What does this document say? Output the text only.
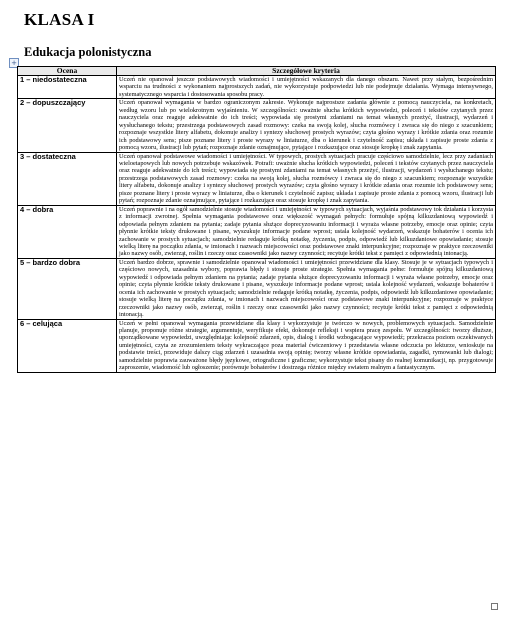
KLASA I
Edukacja polonistyczna
+
Ocena	Szczegółowe kryteria
1 – niedostateczna	Uczeń nie opanował jeszcze podstawowych wiadomości i umiejętności wskazanych dla danego obszaru. Nawet przy stałym, bezpośrednim wsparciu na trudności z wykonaniem najprostszych zadań, nie wykorzystuje podpowiedzi lub nie podejmuje działania. Wymaga intensywnego, systematycznego wsparcia i dostosowania sposobu pracy.
2 – dopuszczający	Uczeń opanował wymagania w bardzo ograniczonym zakresie. Wykonuje najprostsze zadania głównie z pomocą nauczyciela, na konkretach, według wzoru lub po wielokrotnym wyjaśnieniu. W szczególności: uważnie słucha krótkich wypowiedzi, poleceń i tekstów czytanych przez nauczyciela oraz reaguje adekwatnie do ich treści; wypowiada się prostymi zdaniami na temat własnych przeżyć, ilustracji, wydarzeń i wysłuchanego tekstu; przestrzega podstawowych zasad rozmowy: czeka na swoją kolej, słucha rozmówcy i zwraca się do niego z szacunkiem; rozpoznaje wszystkie litery alfabetu, dokonuje analizy i syntezy słuchowej prostych wyrazów; czyta głośno wyrazy i krótkie zdania oraz rozumie ich podstawowy sens; pisze poznane litery i proste wyrazy w liniaturze, dba o kierunek i czytelność zapisu; układa i zapisuje proste zdania z pomocą wzoru, ilustracji lub pytań; rozpoznaje zdanie oznajmujące, pytające i rozkazujące oraz stosuje kropkę i znak zapytania.
3 – dostateczna	Uczeń opanował podstawowe wiadomości i umiejętności. W typowych, prostych sytuacjach pracuje częściowo samodzielnie, lecz przy zadaniach wieloetapowych lub nowych potrzebuje wskazówek. Potrafi: uważnie słucha krótkich wypowiedzi, poleceń i tekstów czytanych przez nauczyciela oraz reaguje adekwatnie do ich treści; wypowiada się prostymi zdaniami na temat własnych przeżyć, ilustracji, wydarzeń i wysłuchanego tekstu; przestrzega podstawowych zasad rozmowy: czeka na swoją kolej, słucha rozmówcy i zwraca się do niego z szacunkiem; rozpoznaje wszystkie litery alfabetu, dokonuje analizy i syntezy słuchowej prostych wyrazów; czyta głośno wyrazy i krótkie zdania oraz rozumie ich podstawowy sens; pisze poznane litery i proste wyrazy w liniaturze, dba o kierunek i czytelność zapisu; układa i zapisuje proste zdania z pomocą wzoru, ilustracji lub pytań; rozpoznaje zdanie oznajmujące, pytające i rozkazujące oraz stosuje kropkę i znak zapytania.
4 – dobra	Uczeń poprawnie i na ogół samodzielnie stosuje wiadomości i umiejętności w typowych sytuacjach, wyjaśnia podstawowy tok działania i korzysta z informacji zwrotnej. Spełnia wymagania podstawowe oraz większość wymagań pełnych: formułuje spójną kilkuzdaniową wypowiedź i odpowiada pełnym zdaniem na pytania; zadaje pytania służące doprecyzowaniu informacji i wyraża własne potrzeby, emocje oraz opinie; czyta płynnie krótkie teksty drukowane i pisane, wyszukuje informacje podane wprost; ustala kolejność wydarzeń, wskazuje bohaterów i ocenia ich zachowanie w prostych sytuacjach; samodzielnie redaguje krótką notatkę, życzenia, podpis, odpowiedź lub kilkuzdaniowe opowiadanie; stosuje wielką literę na początku zdania, w imionach i nazwach miejscowości oraz podstawowe znaki interpunkcyjne; rozpoznaje w praktyce rzeczowniki jako nazwy osób, zwierząt, roślin i rzeczy oraz czasowniki jako nazwy czynności; recytuje krótki tekst z pamięci z odpowiednią intonacją.
5 – bardzo dobra	Uczeń bardzo dobrze, sprawnie i samodzielnie opanował wiadomości i umiejętności przewidziane dla klasy. Stosuje je w sytuacjach typowych i częściowo nowych, uzasadnia wybory, poprawia błędy i stosuje proste strategie. Spełnia wymagania pełne: formułuje spójną kilkuzdaniową wypowiedź i odpowiada pełnym zdaniem na pytania; zadaje pytania służące doprecyzowaniu informacji i wyraża własne potrzeby, emocje oraz opinie; czyta płynnie krótkie teksty drukowane i pisane, wyszukuje informacje podane wprost; ustala kolejność wydarzeń, wskazuje bohaterów i ocenia ich zachowanie w prostych sytuacjach; samodzielnie redaguje krótką notatkę, życzenia, podpis, odpowiedź lub kilkuzdaniowe opowiadanie; stosuje wielką literę na początku zdania, w imionach i nazwach miejscowości oraz podstawowe znaki interpunkcyjne; rozpoznaje w praktyce rzeczowniki jako nazwy osób, zwierząt, roślin i rzeczy oraz czasowniki jako nazwy czynności; recytuje krótki tekst z pamięci z odpowiednią intonacją.
6 – celująca	Uczeń w pełni opanował wymagania przewidziane dla klasy i wykorzystuje je twórczo w nowych, problemowych sytuacjach. Samodzielnie planuje, proponuje różne strategie, argumentuje, weryfikuje efekt, dokonuje refleksji i wspiera pracę zespołu. W szczególności: tworzy dłuższe, uporządkowane wypowiedzi, uwzględniając kolejność zdarzeń, opis, dialog i środki wzbogacające wypowiedź; przekracza poziom oczekiwanych umiejętności, czyta ze zrozumieniem teksty wykraczające poza materiał ćwiczeniowy i przedstawia własne odczucia po lekturze, wnioskuje na podstawie treści, przewiduje dalszy ciąg zdarzeń i uzasadnia swoją opinię; tworzy własne krótkie opowiadania, zagadki, rymowanki lub dialogi; samodzielnie poprawia zauważone błędy językowe, ortograficzne i graficzne; wykorzystuje tekst pisany do realnej komunikacji, np. przygotowuje zaproszenie, wiadomość lub ogłoszenie; porównuje bohaterów i dostrzega różnice między swiatem realnym a fantastycznym.
